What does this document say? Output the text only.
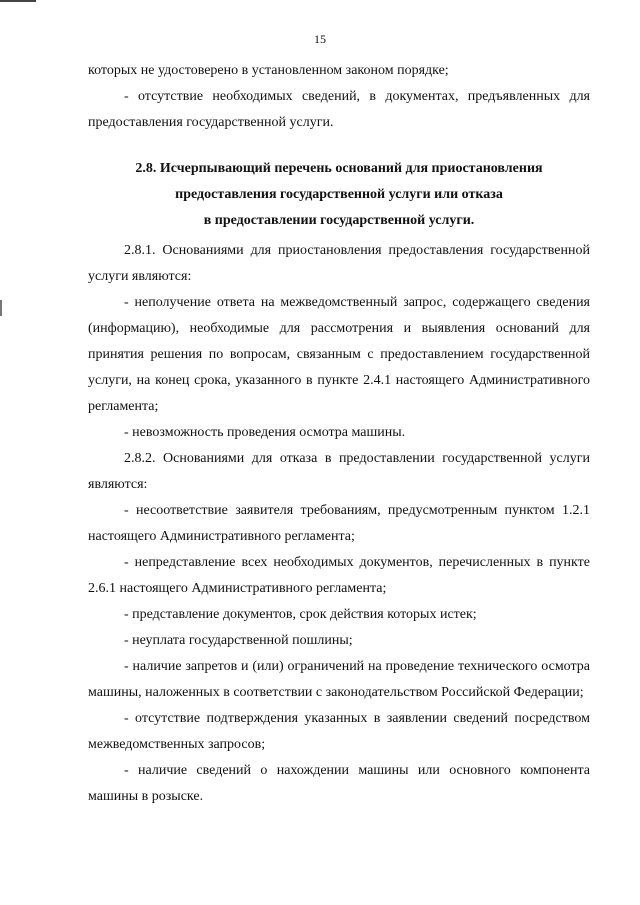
15

которых не удостоверено в установленном законом порядке;

- отсутствие необходимых сведений, в документах, предъявленных для предоставления государственной услуги.

2.8. Исчерпывающий перечень оснований для приостановления
предоставления государственной услуги или отказа
в предоставлении государственной услуги.

2.8.1. Основаниями для приостановления предоставления государственной услуги являются:

- неполучение ответа на межведомственный запрос, содержащего сведения (информацию), необходимые для рассмотрения и выявления оснований для принятия решения по вопросам, связанным с предоставлением государственной услуги, на конец срока, указанного в пункте 2.4.1 настоящего Административного регламента;

- невозможность проведения осмотра машины.

2.8.2. Основаниями для отказа в предоставлении государственной услуги являются:

- несоответствие заявителя требованиям, предусмотренным пунктом 1.2.1 настоящего Административного регламента;

- непредставление всех необходимых документов, перечисленных в пункте 2.6.1 настоящего Административного регламента;

- представление документов, срок действия которых истек;

- неуплата государственной пошлины;

- наличие запретов и (или) ограничений на проведение технического осмотра машины, наложенных в соответствии с законодательством Российской Федерации;

- отсутствие подтверждения указанных в заявлении сведений посредством межведомственных запросов;

- наличие сведений о нахождении машины или основного компонента машины в розыске.
